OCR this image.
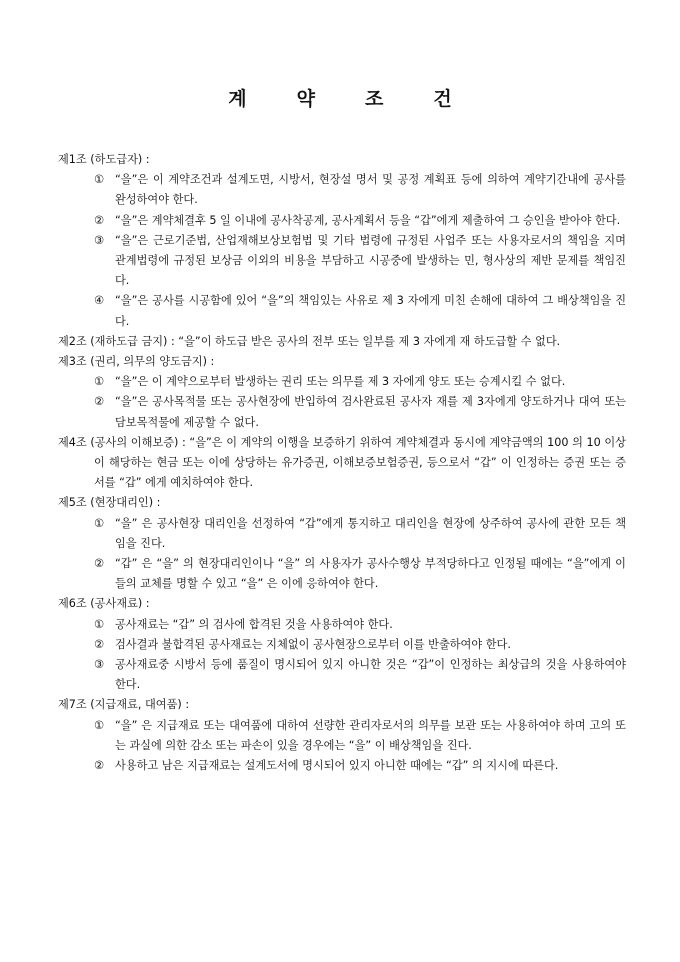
계	약	조	건
제1조 (하도급자) :
① “을”은 이 계약조건과 설계도면, 시방서, 현장설 명서 및 공정 계획표 등에 의하여 계약기간내에 공사를 완성하여야 한다.
② “을”은 계약체결후 5 일 이내에 공사착공계, 공사계획서 등을 “갑”에게 제출하여 그 승인을 받아야 한다.
③ “을”은 근로기준법, 산업재해보상보험법 및 기타 법령에 규정된 사업주 또는 사용자로서의 책임을 지며 관계법령에 규정된 보상금 이외의 비용을 부담하고 시공중에 발생하는 민, 형사상의 제반 문제를 책임진다.
④ “을”은 공사를 시공함에 있어 “을”의 책임있는 사유로 제 3 자에게 미친 손해에 대하여 그 배상책임을 진다.
제2조 (재하도급 금지) : “을”이 하도급 받은 공사의 전부 또는 일부를 제 3 자에게 재 하도급할 수 없다.
제3조 (권리, 의무의 양도금지) :
① “을”은 이 계약으로부터 발생하는 권리 또는 의무를 제 3 자에게 양도 또는 승계시킬 수 없다.
② “을”은 공사목적물 또는 공사현장에 반입하여 검사완료된 공사자 재를 제 3자에게 양도하거나 대여 또는 담보목적물에 제공할 수 없다.
제4조 (공사의 이해보증) : “을”은 이 계약의 이행을 보증하기 위하여 계약체결과 동시에 계약금액의 100 의 10 이상이 해당하는 현금 또는 이에 상당하는 유가증권, 이해보증보험증권, 등으로서 “갑” 이 인정하는 증권 또는 증서를 “갑” 에게 예치하여야 한다.
제5조 (현장대리인) :
① “을” 은 공사현장 대리인을 선정하여 “갑”에게 통지하고 대리인을 현장에 상주하여 공사에 관한 모든 책임을 진다.
② “갑” 은 “을” 의 현장대리인이나 “을” 의 사용자가 공사수행상 부적당하다고 인정될 때에는 “을”에게 이들의 교체를 명할 수 있고 “을” 은 이에 응하여야 한다.
제6조 (공사재료) :
① 공사재료는 “갑” 의 검사에 합격된 것을 사용하여야 한다.
② 검사결과 불합격된 공사재료는 지체없이 공사현장으로부터 이를 반출하여야 한다.
③ 공사재료중 시방서 등에 품질이 명시되어 있지 아니한 것은 “갑”이 인정하는 최상급의 것을 사용하여야 한다.
제7조 (지급재료, 대여품) :
① “을” 은 지급재료 또는 대여품에 대하여 선량한 관리자로서의 의무를 보관 또는 사용하여야 하며 고의 또는 과실에 의한 감소 또는 파손이 있을 경우에는 “을” 이 배상책임을 진다.
② 사용하고 남은 지급재료는 설계도서에 명시되어 있지 아니한 때에는 “갑” 의 지시에 따른다.
